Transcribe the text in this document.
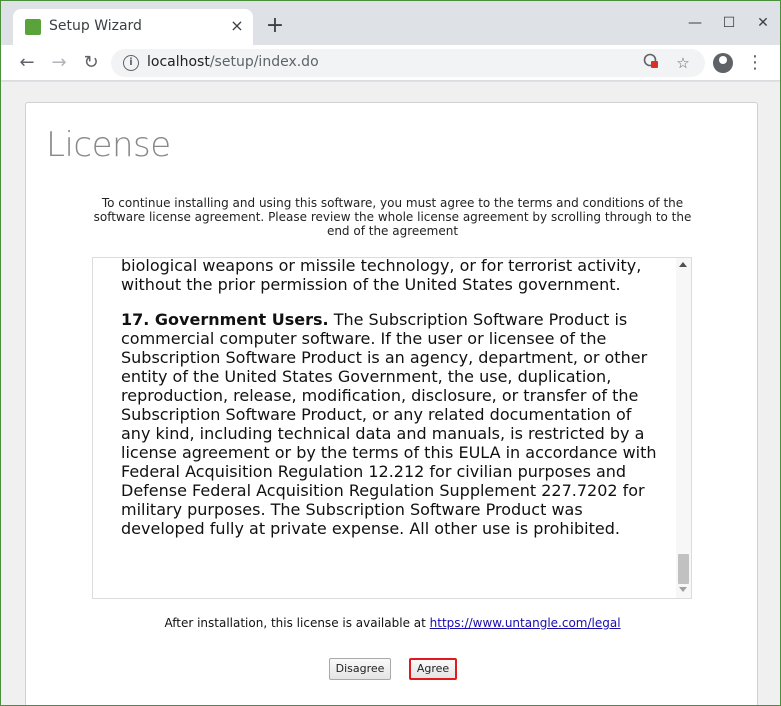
Setup Wizard	× +	—	☐	✕
← → ↻	i	localhost/setup/index.do	☆	⋮
License
To continue installing and using this software, you must agree to the terms and conditions of the software license agreement. Please review the whole license agreement by scrolling through to the end of the agreement

biological weapons or missile technology, or for terrorist activity, without the prior permission of the United States government.

17. Government Users. The Subscription Software Product is commercial computer software. If the user or licensee of the Subscription Software Product is an agency, department, or other entity of the United States Government, the use, duplication, reproduction, release, modification, disclosure, or transfer of the Subscription Software Product, or any related documentation of any kind, including technical data and manuals, is restricted by a license agreement or by the terms of this EULA in accordance with Federal Acquisition Regulation 12.212 for civilian purposes and Defense Federal Acquisition Regulation Supplement 227.7202 for military purposes. The Subscription Software Product was developed fully at private expense. All other use is prohibited.

After installation, this license is available at https://www.untangle.com/legal
Disagree	Agree
